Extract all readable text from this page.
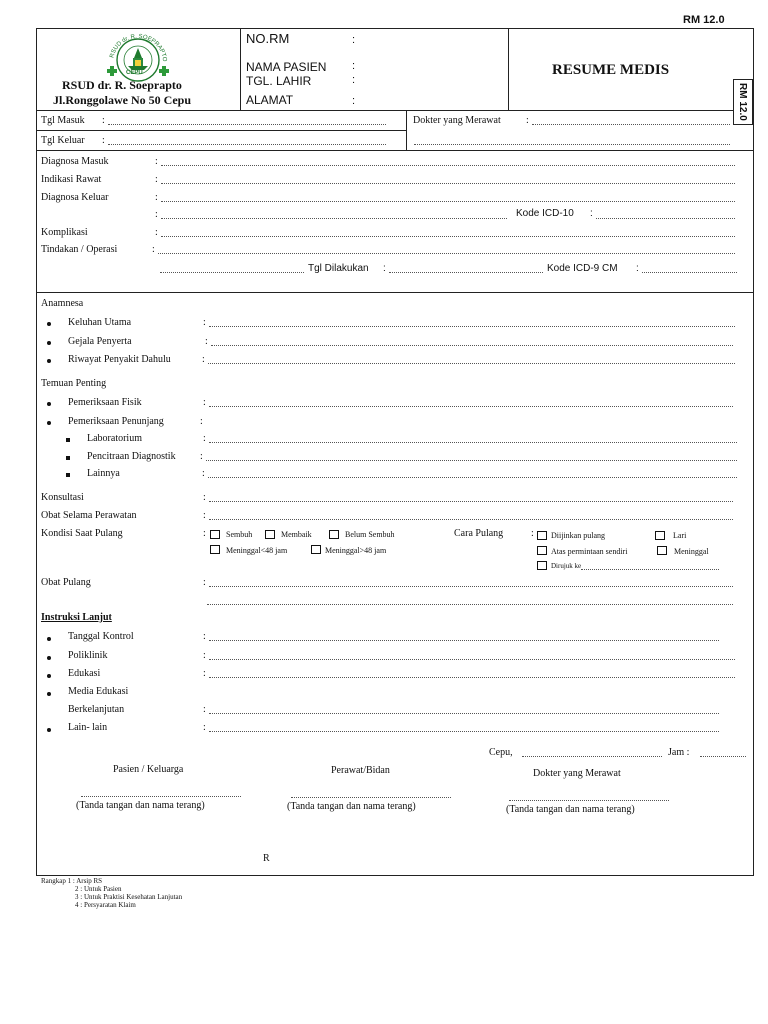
RM 12.0
RSUD dr. R. SOEPRAPTO
CEPU
RSUD dr. R. Soeprapto
Jl.Ronggolawe No 50 Cepu
NO.RM	:
NAMA PASIEN :
TGL. LAHIR	:
ALAMAT	:
RESUME MEDIS
RM 12.0
Tgl Masuk :
Tgl Keluar :
Dokter yang Merawat	:
Diagnosa Masuk	:
Indikasi Rawat	:
Diagnosa Keluar	:
:	Kode ICD-10 :
Komplikasi	:
Tindakan / Operasi	:
Tgl Dilakukan :	Kode ICD-9 CM :
Anamnesa
Keluhan Utama	:
Gejala Penyerta	:
Riwayat Penyakit Dahulu	:
Temuan Penting
Pemeriksaan Fisik	:
Pemeriksaan Penunjang	:
Laboratorium	:
Pencitraan Diagnostik :
Lainnya	:
Konsultasi	:
Obat Selama Perawatan	:
Kondisi Saat Pulang	:	Sembuh	Membaik	Belum Sembuh
Meninggal<48 jam	Meninggal>48 jam
Cara Pulang	: Diijinkan pulang	Lari
Atas permintaan sendiri	Meninggal
Dirujuk ke
Obat Pulang	:
Instruksi Lanjut
Tanggal Kontrol	:
Poliklinik	:
Edukasi	:
Media Edukasi
Berkelanjutan	:
Lain- lain	:
Cepu,	Jam :
Pasien / Keluarga	Perawat/Bidan	Dokter yang Merawat
(Tanda tangan dan nama terang)	(Tanda tangan dan nama terang)	(Tanda tangan dan nama terang)
R
Rangkap 1 : Arsip RS
2 : Untuk Pasien
3 : Untuk Praktisi Kesehatan Lanjutan
4 : Persyaratan Klaim
